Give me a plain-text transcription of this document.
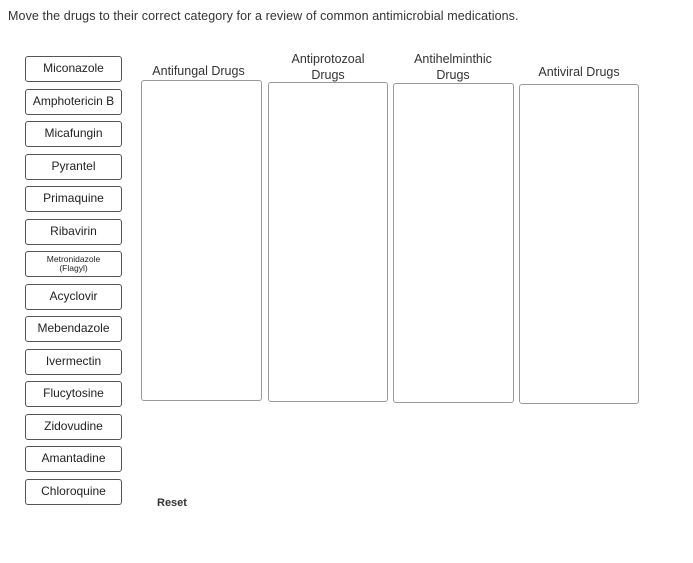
Move the drugs to their correct category for a review of common antimicrobial medications.
Miconazole
Amphotericin B
Micafungin
Pyrantel
Primaquine
Ribavirin
Metronidazole
(Flagyl)
Acyclovir
Mebendazole
Ivermectin
Flucytosine
Zidovudine
Amantadine
Chloroquine
Antifungal Drugs
Antiprotozoal
Drugs
Antihelminthic
Drugs	Antiviral Drugs
Reset
